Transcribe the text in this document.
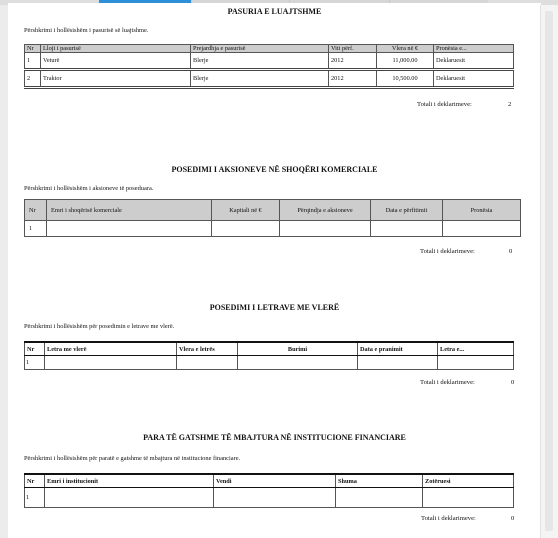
PASURIA E LUAJTSHME
Përshkrimi i hollësishëm i pasurisë së luajtshme.
Nr	Lloji i pasurisë	Prejardhja e pasurisë	Viti përf.	Vlera në €	Pronësia e...
1	Veturë	Blerje	2012	11,000.00	Deklaruesit
2	Traktor	Blerje	2012	10,500.00	Deklaruesit
Totali i deklarimeve:	2
POSEDIMI I AKSIONEVE NË SHOQËRI KOMERCIALE
Përshkrimi i hollësishëm i aksioneve të poseduara.
Nr	Emri i shoqërisë komerciale	Kapitali në €	Përqindja e aksioneve	Data e përfitimit	Pronësia
1					
Totali i deklarimeve:	0
POSEDIMI I LETRAVE ME VLERË
Përshkrimi i hollësishëm për posedimin e letrave me vlerë.
Nr	Letra me vlerë	Vlera e letrës	Burimi	Data e pranimit	Letra e...
1					
Totali i deklarimeve:	0
PARA TË GATSHME TË MBAJTURA NË INSTITUCIONE FINANCIARE
Përshkrimi i hollësishëm për paratë e gatshme të mbajtura në institucione financiare.
Nr	Emri i institucionit	Vendi	Shuma	Zotëruesi
1				
Totali i deklarimeve:	0
